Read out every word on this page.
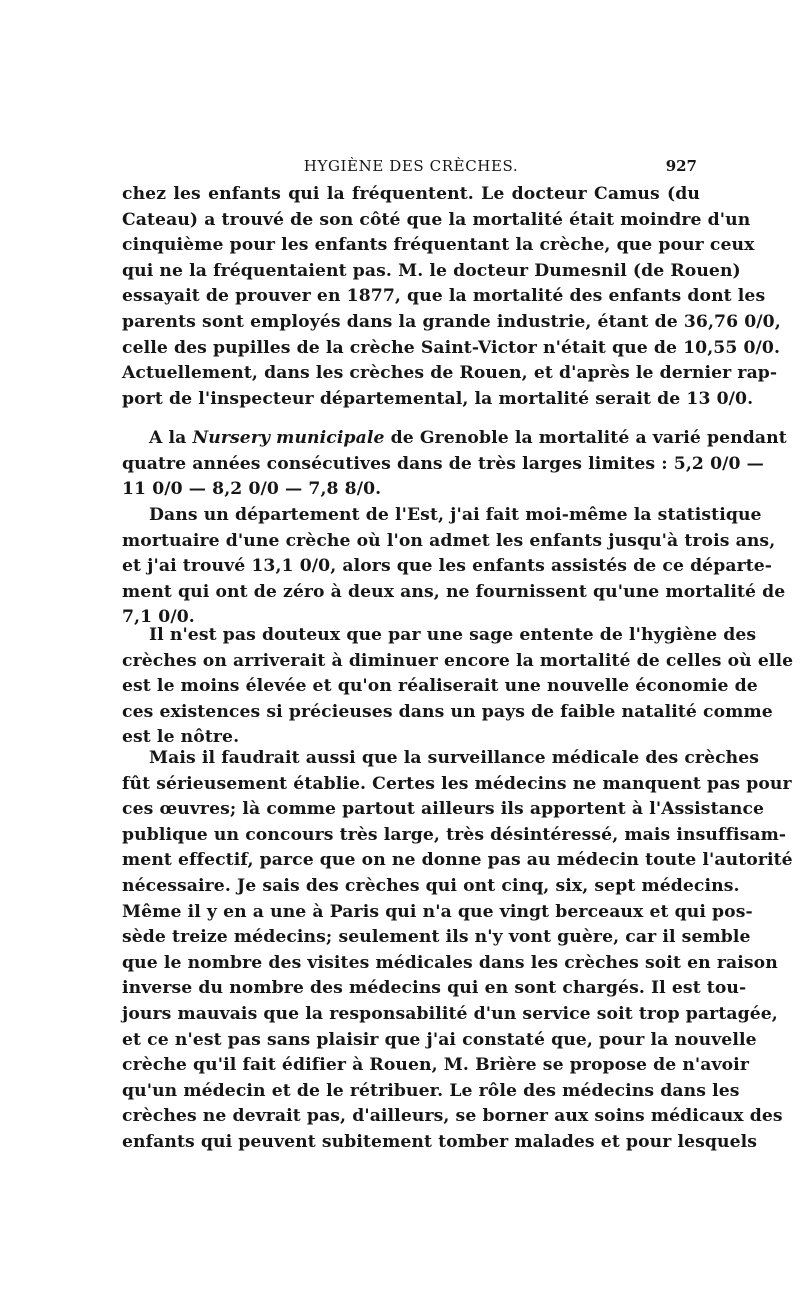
HYGIÈNE DES CRÈCHES.	927
chez les enfants qui la fréquentent. Le docteur Camus (du
Cateau) a trouvé de son côté que la mortalité était moindre d'un
cinquième pour les enfants fréquentant la crèche, que pour ceux
qui ne la fréquentaient pas. M. le docteur Dumesnil (de Rouen)
essayait de prouver en 1877, que la mortalité des enfants dont les
parents sont employés dans la grande industrie, étant de 36,76 0/0,
celle des pupilles de la crèche Saint-Victor n'était que de 10,55 0/0.
Actuellement, dans les crèches de Rouen, et d'après le dernier rap-
port de l'inspecteur départemental, la mortalité serait de 13 0/0.
A la Nursery municipale de Grenoble la mortalité a varié pendant
quatre années consécutives dans de très larges limites : 5,2 0/0 —
11 0/0 — 8,2 0/0 — 7,8 8/0.
Dans un département de l'Est, j'ai fait moi-même la statistique
mortuaire d'une crèche où l'on admet les enfants jusqu'à trois ans,
et j'ai trouvé 13,1 0/0, alors que les enfants assistés de ce départe-
ment qui ont de zéro à deux ans, ne fournissent qu'une mortalité de
7,1 0/0.
Il n'est pas douteux que par une sage entente de l'hygiène des
crèches on arriverait à diminuer encore la mortalité de celles où elle
est le moins élevée et qu'on réaliserait une nouvelle économie de
ces existences si précieuses dans un pays de faible natalité comme
est le nôtre.
Mais il faudrait aussi que la surveillance médicale des crèches
fût sérieusement établie. Certes les médecins ne manquent pas pour
ces œuvres; là comme partout ailleurs ils apportent à l'Assistance
publique un concours très large, très désintéressé, mais insuffisam-
ment effectif, parce que on ne donne pas au médecin toute l'autorité
nécessaire. Je sais des crèches qui ont cinq, six, sept médecins.
Même il y en a une à Paris qui n'a que vingt berceaux et qui pos-
sède treize médecins; seulement ils n'y vont guère, car il semble
que le nombre des visites médicales dans les crèches soit en raison
inverse du nombre des médecins qui en sont chargés. Il est tou-
jours mauvais que la responsabilité d'un service soit trop partagée,
et ce n'est pas sans plaisir que j'ai constaté que, pour la nouvelle
crèche qu'il fait édifier à Rouen, M. Brière se propose de n'avoir
qu'un médecin et de le rétribuer. Le rôle des médecins dans les
crèches ne devrait pas, d'ailleurs, se borner aux soins médicaux des
enfants qui peuvent subitement tomber malades et pour lesquels
